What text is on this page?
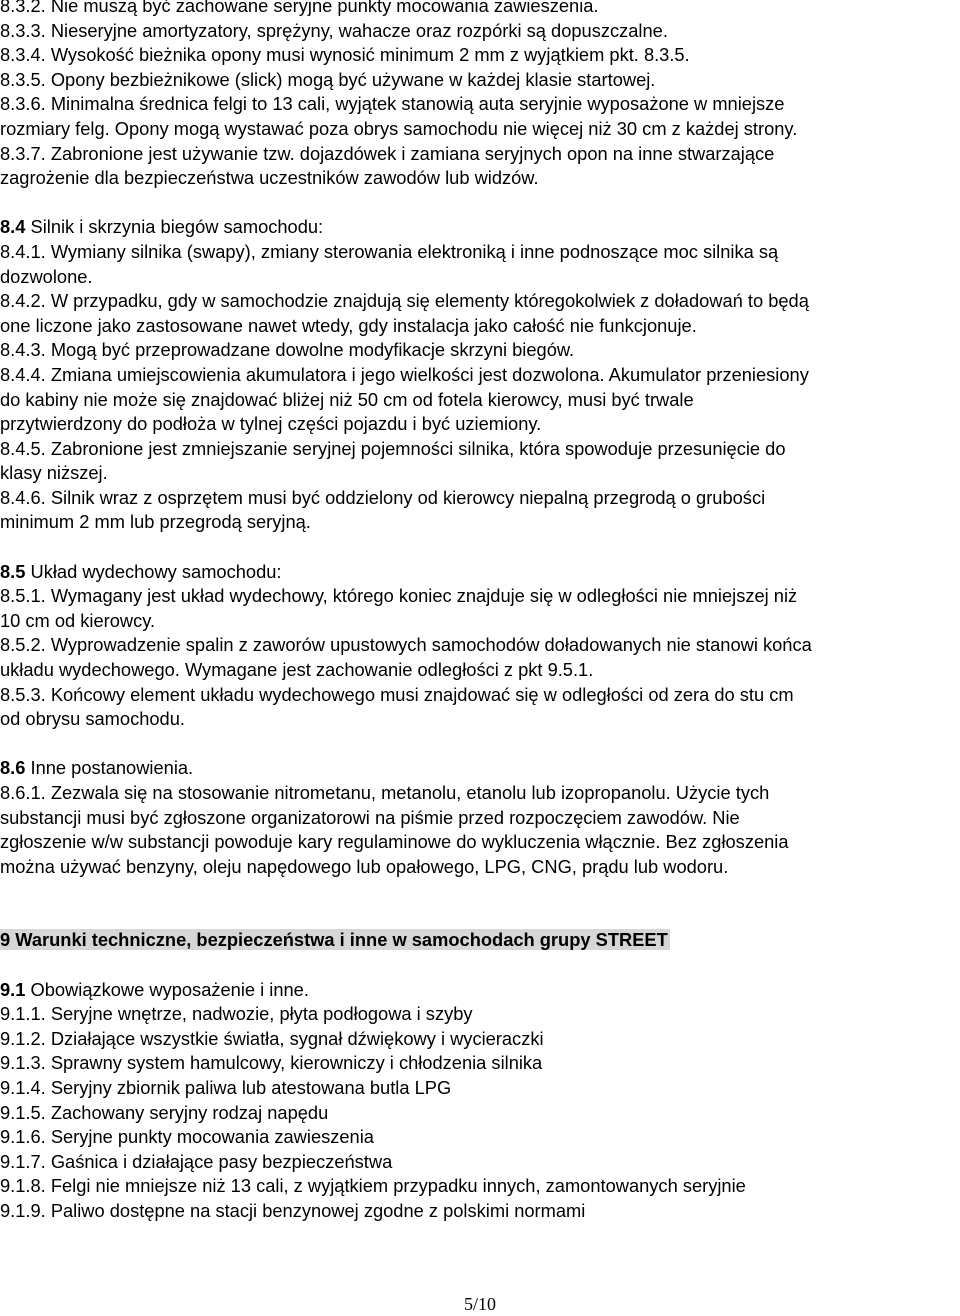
8.3.2. Nie muszą być zachowane seryjne punkty mocowania zawieszenia.

8.3.3. Nieseryjne amortyzatory, sprężyny, wahacze oraz rozpórki są dopuszczalne.

8.3.4. Wysokość bieżnika opony musi wynosić minimum 2 mm z wyjątkiem pkt. 8.3.5.

8.3.5. Opony bezbieżnikowe (slick) mogą być używane w każdej klasie startowej.

8.3.6. Minimalna średnica felgi to 13 cali, wyjątek stanowią auta seryjnie wyposażone w mniejsze

rozmiary felg. Opony mogą wystawać poza obrys samochodu nie więcej niż 30 cm z każdej strony.

8.3.7. Zabronione jest używanie tzw. dojazdówek i zamiana seryjnych opon na inne stwarzające

zagrożenie dla bezpieczeństwa uczestników zawodów lub widzów.

8.4 Silnik i skrzynia biegów samochodu:

8.4.1. Wymiany silnika (swapy), zmiany sterowania elektroniką i inne podnoszące moc silnika są

dozwolone.

8.4.2. W przypadku, gdy w samochodzie znajdują się elementy któregokolwiek z doładowań to będą

one liczone jako zastosowane nawet wtedy, gdy instalacja jako całość nie funkcjonuje.

8.4.3. Mogą być przeprowadzane dowolne modyfikacje skrzyni biegów.

8.4.4. Zmiana umiejscowienia akumulatora i jego wielkości jest dozwolona. Akumulator przeniesiony

do kabiny nie może się znajdować bliżej niż 50 cm od fotela kierowcy, musi być trwale

przytwierdzony do podłoża w tylnej części pojazdu i być uziemiony.

8.4.5. Zabronione jest zmniejszanie seryjnej pojemności silnika, która spowoduje przesunięcie do

klasy niższej.

8.4.6. Silnik wraz z osprzętem musi być oddzielony od kierowcy niepalną przegrodą o grubości

minimum 2 mm lub przegrodą seryjną.

8.5 Układ wydechowy samochodu:

8.5.1. Wymagany jest układ wydechowy, którego koniec znajduje się w odległości nie mniejszej niż

10 cm od kierowcy.

8.5.2. Wyprowadzenie spalin z zaworów upustowych samochodów doładowanych nie stanowi końca

układu wydechowego. Wymagane jest zachowanie odległości z pkt 9.5.1.

8.5.3. Końcowy element układu wydechowego musi znajdować się w odległości od zera do stu cm

od obrysu samochodu.

8.6 Inne postanowienia.

8.6.1. Zezwala się na stosowanie nitrometanu, metanolu, etanolu lub izopropanolu. Użycie tych

substancji musi być zgłoszone organizatorowi na piśmie przed rozpoczęciem zawodów. Nie

zgłoszenie w/w substancji powoduje kary regulaminowe do wykluczenia włącznie. Bez zgłoszenia

można używać benzyny, oleju napędowego lub opałowego, LPG, CNG, prądu lub wodoru.

9 Warunki techniczne, bezpieczeństwa i inne w samochodach grupy STREET

9.1 Obowiązkowe wyposażenie i inne.

9.1.1. Seryjne wnętrze, nadwozie, płyta podłogowa i szyby

9.1.2. Działające wszystkie światła, sygnał dźwiękowy i wycieraczki

9.1.3. Sprawny system hamulcowy, kierowniczy i chłodzenia silnika

9.1.4. Seryjny zbiornik paliwa lub atestowana butla LPG

9.1.5. Zachowany seryjny rodzaj napędu

9.1.6. Seryjne punkty mocowania zawieszenia

9.1.7. Gaśnica i działające pasy bezpieczeństwa

9.1.8. Felgi nie mniejsze niż 13 cali, z wyjątkiem przypadku innych, zamontowanych seryjnie

9.1.9. Paliwo dostępne na stacji benzynowej zgodne z polskimi normami

5/10
